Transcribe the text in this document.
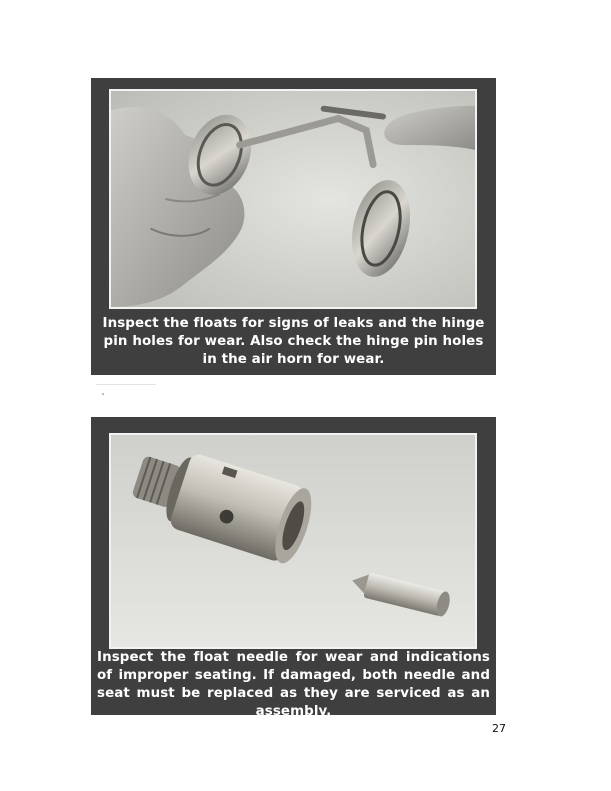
Inspect the floats for signs of leaks and the hinge pin holes for wear. Also check the hinge pin holes in the air horn for wear.
Inspect the float needle for wear and indications of improper seating. If damaged, both needle and seat must be replaced as they are serviced as an assembly.
27
